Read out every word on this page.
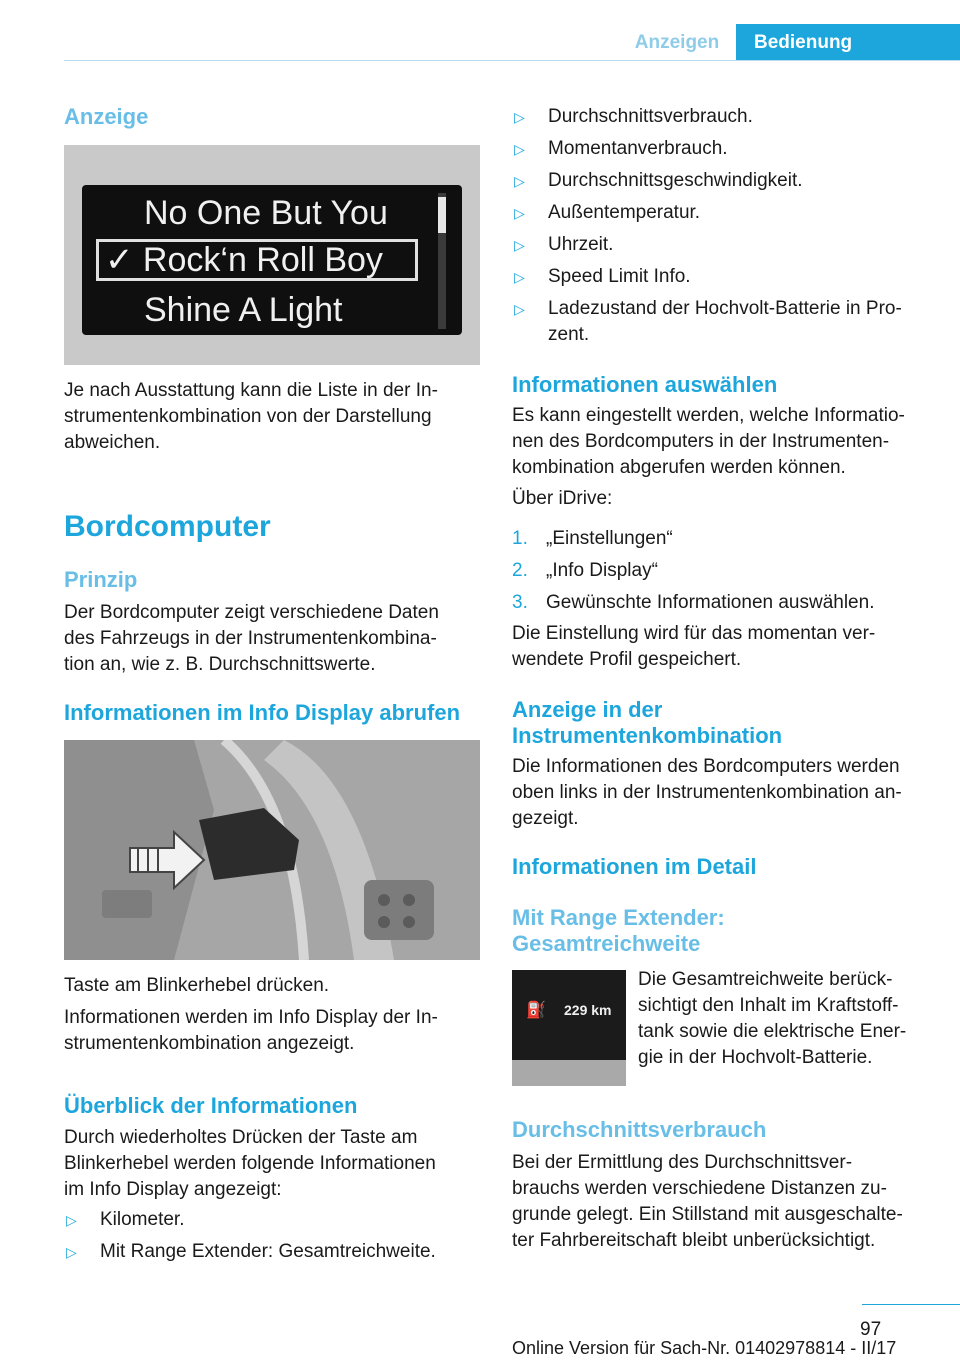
Anzeigen	Bedienung
Anzeige
No One But You
✓ Rock‘n Roll Boy
Shine A Light

Je nach Ausstattung kann die Liste in der In-
strumentenkombination von der Darstellung
abweichen.

Bordcomputer
Prinzip

Der Bordcomputer zeigt verschiedene Daten
des Fahrzeugs in der Instrumentenkombina-
tion an, wie z. B. Durchschnittswerte.

Informationen im Info Display abrufen

Taste am Blinkerhebel drücken.

Informationen werden im Info Display der In-
strumentenkombination angezeigt.

Überblick der Informationen

Durch wiederholtes Drücken der Taste am
Blinkerhebel werden folgende Informationen
im Info Display angezeigt:

▷	Kilometer.
▷	Mit Range Extender: Gesamtreichweite.
▷	Durchschnittsverbrauch.
▷	Momentanverbrauch.
▷	Durchschnittsgeschwindigkeit.
▷	Außentemperatur.
▷	Uhrzeit.
▷	Speed Limit Info.
▷	Ladezustand der Hochvolt-Batterie in Pro-
zent.
Informationen auswählen

Es kann eingestellt werden, welche Informatio-
nen des Bordcomputers in der Instrumenten-
kombination abgerufen werden können.

Über iDrive:

1. „Einstellungen“
2. „Info Display“
3. Gewünschte Informationen auswählen.

Die Einstellung wird für das momentan ver-
wendete Profil gespeichert.

Anzeige in der
Instrumentenkombination

Die Informationen des Bordcomputers werden
oben links in der Instrumentenkombination an-
gezeigt.

Informationen im Detail
Mit Range Extender:
Gesamtreichweite
⛽ 229 km

Die Gesamtreichweite berück-
sichtigt den Inhalt im Kraftstoff-
tank sowie die elektrische Ener-
gie in der Hochvolt-Batterie.

Durchschnittsverbrauch

Bei der Ermittlung des Durchschnittsver-
brauchs werden verschiedene Distanzen zu-
grunde gelegt. Ein Stillstand mit ausgeschalte-
ter Fahrbereitschaft bleibt unberücksichtigt.

97
Online Version für Sach-Nr. 01402978814 - II/17
